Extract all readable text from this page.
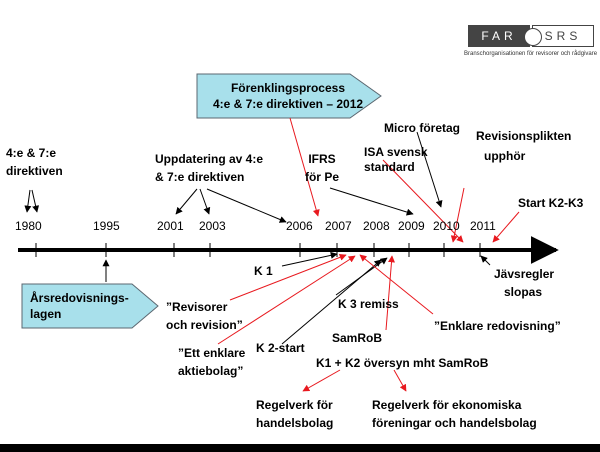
FAR	SRS
Branschorganisationen för revisorer och rådgivare
Förenklingsprocess
4:e & 7:e direktiven – 2012
Årsredovisnings-
lagen
1980	1995	2001 2003	2006 2007 2008 2009 2010 2011
4:e & 7:e
direktiven
Uppdatering av 4:e
& 7:e direktiven
IFRS
för Pe
Micro företag
ISA svensk
standard
Revisionsplikten
upphör
Start K2-K3
K 1	Jävsregler
slopas
”Revisorer
och revision”
K 3 remiss
”Enklare redovisning”
SamRoB
”Ett enklare
aktiebolag”
K 2-start
K1 + K2 översyn mht SamRoB
Regelverk för
handelsbolag
Regelverk för ekonomiska
föreningar och handelsbolag
